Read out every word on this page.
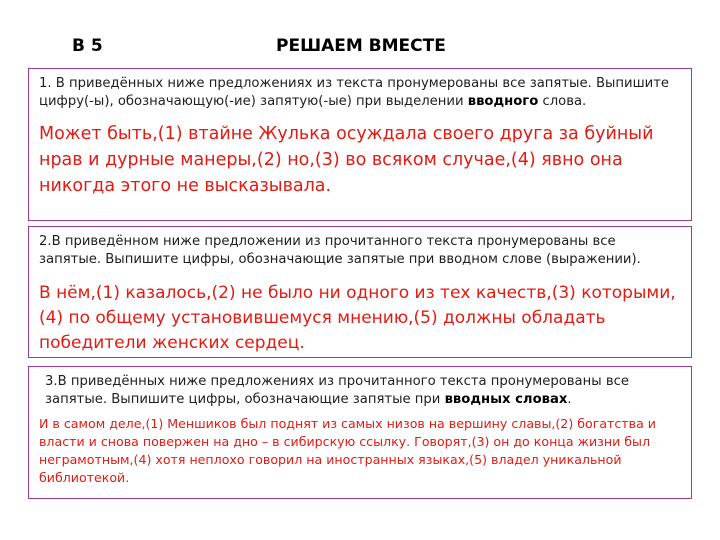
В 5	РЕШАЕМ ВМЕСТЕ

1. В приведённых ниже предложениях из текста пронумерованы все запятые. Выпишите цифру(-ы), обозначающую(-ие) запятую(-ые) при выделении вводного слова.

Может быть,(1) втайне Жулька осуждала своего друга за буйный нрав и дурные манеры,(2) но,(3) во всяком случае,(4) явно она никогда этого не высказывала.

2.В приведённом ниже предложении из прочитанного текста пронумерованы все запятые. Выпишите цифры, обозначающие запятые при вводном слове (выражении).

В нём,(1) казалось,(2) не было ни одного из тех качеств,(3) которыми,(4) по общему установившемуся мнению,(5) должны обладать победители женских сердец.

3.В приведённых ниже предложениях из прочитанного текста пронумерованы все запятые. Выпишите цифры, обозначающие запятые при вводных словах.

И в самом деле,(1) Меншиков был поднят из самых низов на вершину славы,(2) богатства и власти и снова повержен на дно – в сибирскую ссылку. Говорят,(3) он до конца жизни был неграмотным,(4) хотя неплохо говорил на иностранных языках,(5) владел уникальной библиотекой.
